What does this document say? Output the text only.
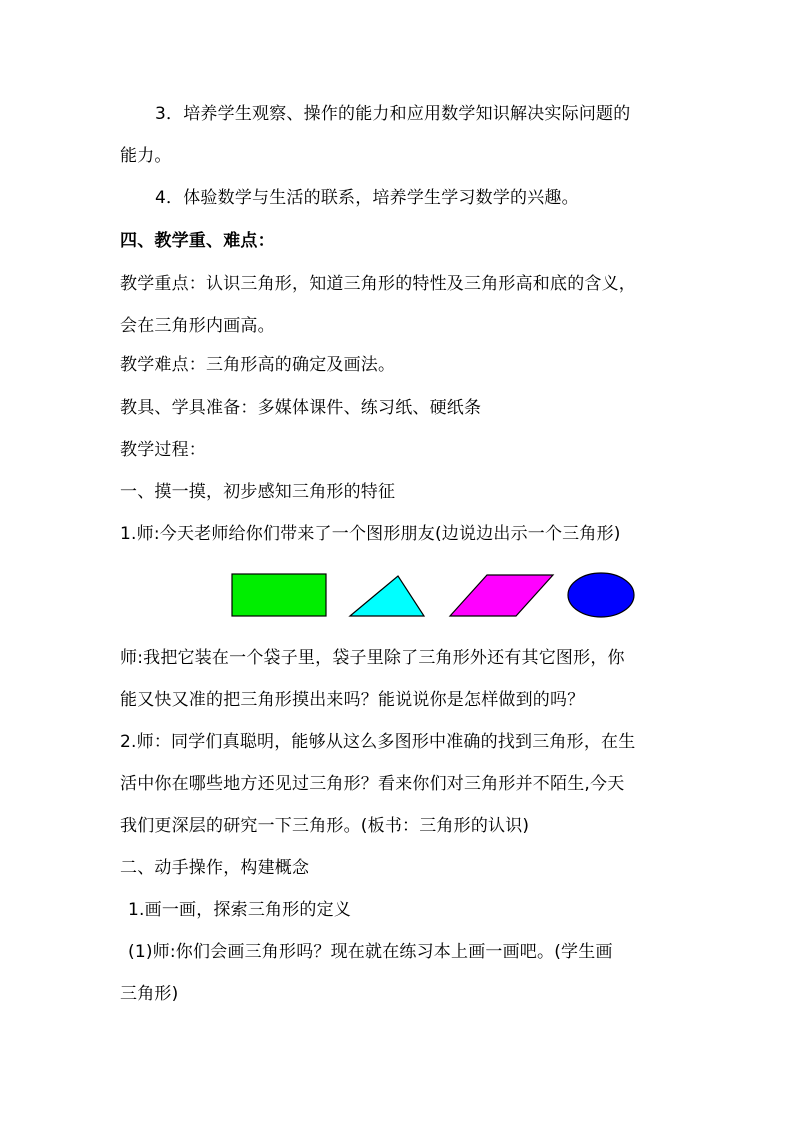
3．培养学生观察、操作的能力和应用数学知识解决实际问题的
能力。
4．体验数学与生活的联系，培养学生学习数学的兴趣。
四、教学重、难点：
教学重点：认识三角形，知道三角形的特性及三角形高和底的含义，
会在三角形内画高。
教学难点：三角形高的确定及画法。
教具、学具准备：多媒体课件、练习纸、硬纸条
教学过程：
一、摸一摸，初步感知三角形的特征
1.师:今天老师给你们带来了一个图形朋友(边说边出示一个三角形)
师:我把它装在一个袋子里，袋子里除了三角形外还有其它图形，你
能又快又准的把三角形摸出来吗？能说说你是怎样做到的吗？
2.师：同学们真聪明，能够从这么多图形中准确的找到三角形，在生
活中你在哪些地方还见过三角形？看来你们对三角形并不陌生,今天
我们更深层的研究一下三角形。(板书：三角形的认识)
二、动手操作，构建概念
1.画一画，探索三角形的定义
(1)师:你们会画三角形吗？现在就在练习本上画一画吧。(学生画
三角形)
